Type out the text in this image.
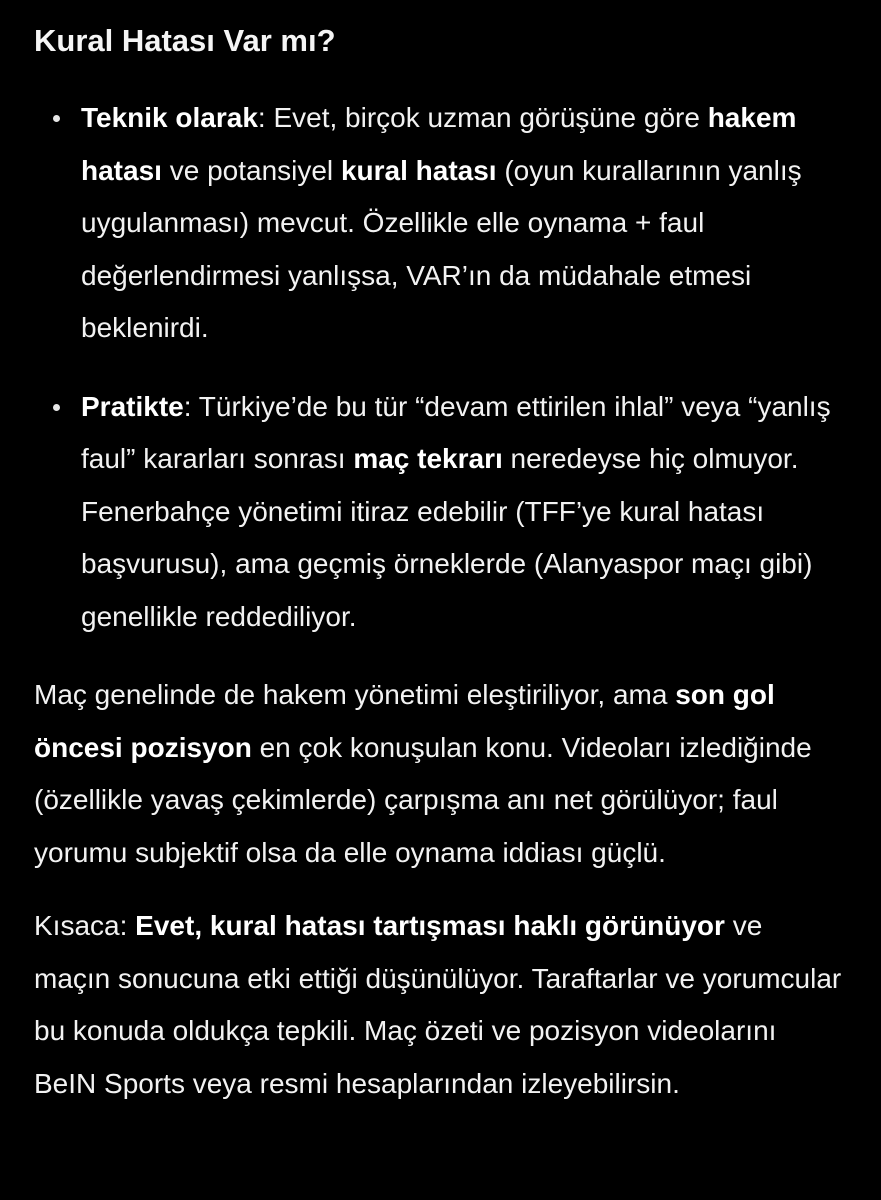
Kural Hatası Var mı?
Teknik olarak: Evet, birçok uzman görüşüne göre hakem hatası ve potansiyel kural hatası (oyun kurallarının yanlış uygulanması) mevcut. Özellikle elle oynama + faul değerlendirmesi yanlışsa, VAR’ın da müdahale etmesi beklenirdi.
Pratikte: Türkiye’de bu tür “devam ettirilen ihlal” veya “yanlış faul” kararları sonrası maç tekrarı neredeyse hiç olmuyor. Fenerbahçe yönetimi itiraz edebilir (TFF’ye kural hatası başvurusu), ama geçmiş örneklerde (Alanyaspor maçı gibi) genellikle reddediliyor.

Maç genelinde de hakem yönetimi eleştiriliyor, ama son gol öncesi pozisyon en çok konuşulan konu. Videoları izlediğinde (özellikle yavaş çekimlerde) çarpışma anı net görülüyor; faul yorumu subjektif olsa da elle oynama iddiası güçlü.

Kısaca: Evet, kural hatası tartışması haklı görünüyor ve maçın sonucuna etki ettiği düşünülüyor. Taraftarlar ve yorumcular bu konuda oldukça tepkili. Maç özeti ve pozisyon videolarını BeIN Sports veya resmi hesaplarından izleyebilirsin.
